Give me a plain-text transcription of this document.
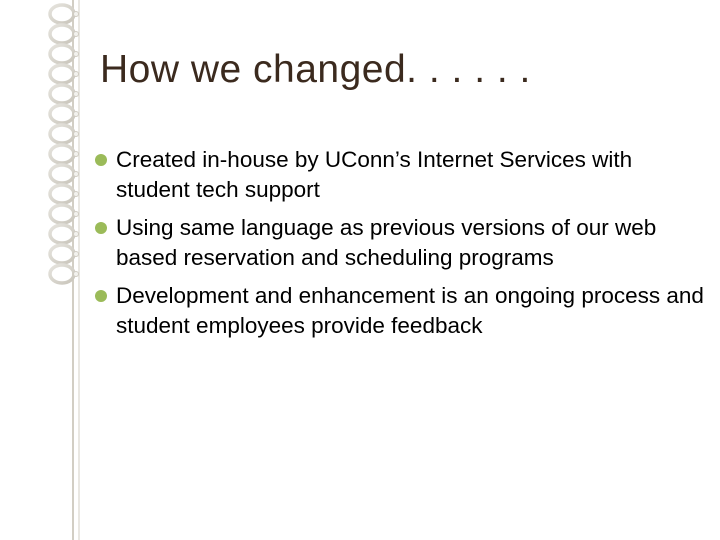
How we changed. . . . . .
Created in-house by UConn’s Internet Services with student tech support
Using same language as previous versions of our web based reservation and scheduling programs
Development and enhancement is an ongoing process and student employees provide feedback
